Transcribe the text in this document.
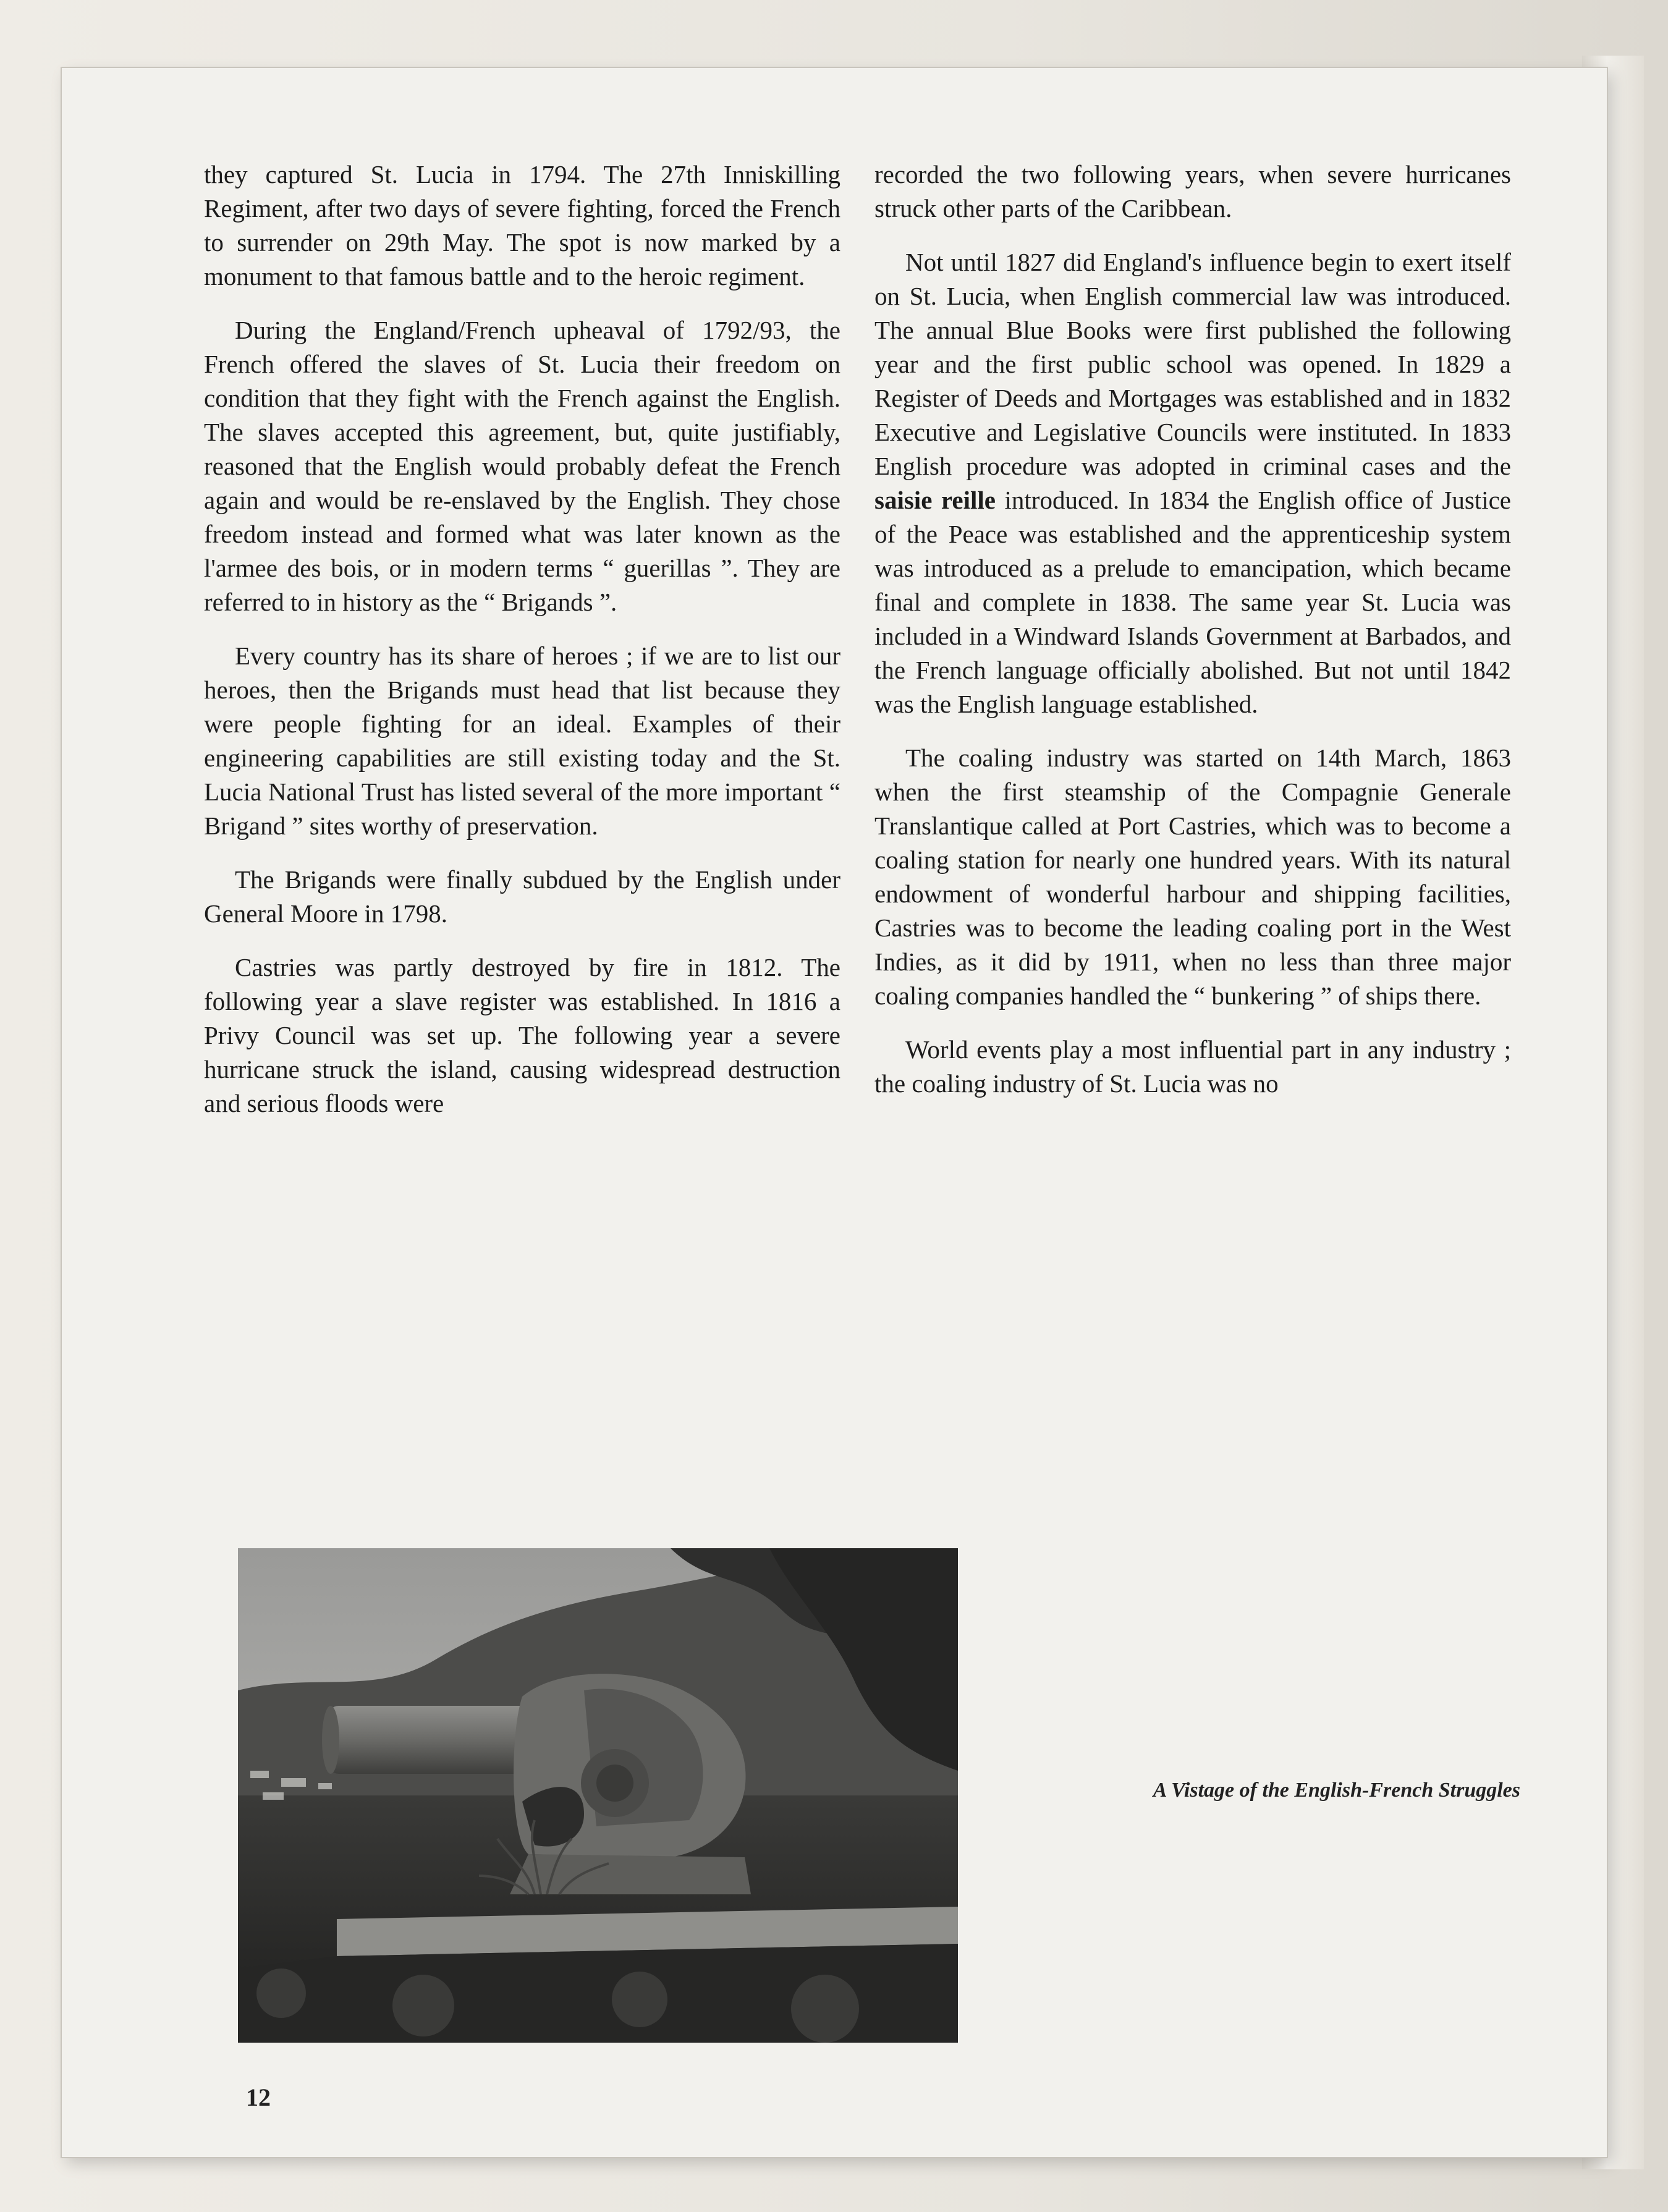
they captured St. Lucia in 1794. The 27th Inniskilling Regiment, after two days of severe fighting, forced the French to surrender on 29th May. The spot is now marked by a monument to that famous battle and to the heroic regiment.

During the England/French upheaval of 1792/93, the French offered the slaves of St. Lucia their freedom on condition that they fight with the French against the English. The slaves accepted this agreement, but, quite justifiably, reasoned that the English would probably defeat the French again and would be re-enslaved by the English. They chose freedom instead and formed what was later known as the l'armee des bois, or in modern terms “ guerillas ”. They are referred to in history as the “ Brigands ”.

Every country has its share of heroes ; if we are to list our heroes, then the Brigands must head that list because they were people fighting for an ideal. Examples of their engineering capabilities are still existing today and the St. Lucia National Trust has listed several of the more important “ Brigand ” sites worthy of preservation.

The Brigands were finally subdued by the English under General Moore in 1798.

Castries was partly destroyed by fire in 1812. The following year a slave register was established. In 1816 a Privy Council was set up. The following year a severe hurricane struck the island, causing widespread destruction and serious floods were

recorded the two following years, when severe hurricanes struck other parts of the Caribbean.

Not until 1827 did England's influence begin to exert itself on St. Lucia, when English commercial law was introduced. The annual Blue Books were first published the following year and the first public school was opened. In 1829 a Register of Deeds and Mortgages was established and in 1832 Executive and Legislative Councils were instituted. In 1833 English procedure was adopted in criminal cases and the saisie reille introduced. In 1834 the English office of Justice of the Peace was established and the apprenticeship system was introduced as a prelude to emancipation, which became final and complete in 1838. The same year St. Lucia was included in a Windward Islands Government at Barbados, and the French language officially abolished. But not until 1842 was the English language established.

The coaling industry was started on 14th March, 1863 when the first steamship of the Compagnie Generale Translantique called at Port Castries, which was to become a coaling station for nearly one hundred years. With its natural endowment of wonderful harbour and shipping facilities, Castries was to become the leading coaling port in the West Indies, as it did by 1911, when no less than three major coaling companies handled the “ bunkering ” of ships there.

World events play a most influential part in any industry ; the coaling industry of St. Lucia was no

A Vistage of the English-French Struggles
12
